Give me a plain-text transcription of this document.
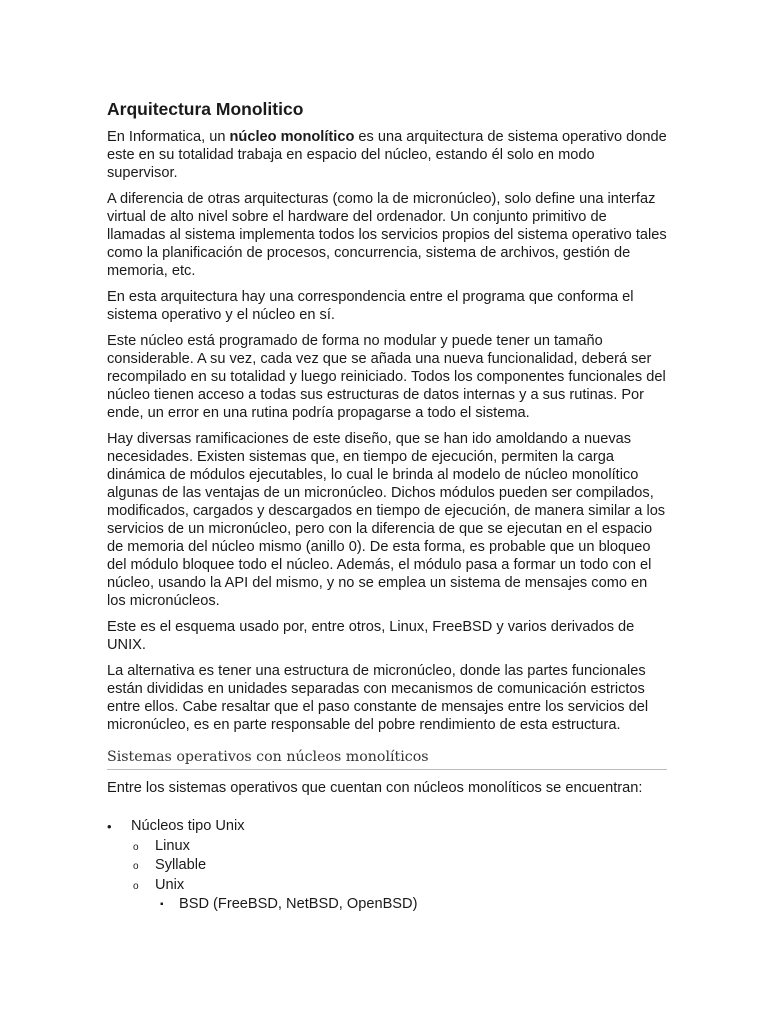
Arquitectura Monolitico

En Informatica, un núcleo monolítico es una arquitectura de sistema operativo donde este en su totalidad trabaja en espacio del núcleo, estando él solo en modo supervisor.

A diferencia de otras arquitecturas (como la de micronúcleo), solo define una interfaz virtual de alto nivel sobre el hardware del ordenador. Un conjunto primitivo de llamadas al sistema implementa todos los servicios propios del sistema operativo tales como la planificación de procesos, concurrencia, sistema de archivos, gestión de memoria, etc.

En esta arquitectura hay una correspondencia entre el programa que conforma el sistema operativo y el núcleo en sí.

Este núcleo está programado de forma no modular y puede tener un tamaño considerable. A su vez, cada vez que se añada una nueva funcionalidad, deberá ser recompilado en su totalidad y luego reiniciado. Todos los componentes funcionales del núcleo tienen acceso a todas sus estructuras de datos internas y a sus rutinas. Por ende, un error en una rutina podría propagarse a todo el sistema.

Hay diversas ramificaciones de este diseño, que se han ido amoldando a nuevas necesidades. Existen sistemas que, en tiempo de ejecución, permiten la carga dinámica de módulos ejecutables, lo cual le brinda al modelo de núcleo monolítico algunas de las ventajas de un micronúcleo. Dichos módulos pueden ser compilados, modificados, cargados y descargados en tiempo de ejecución, de manera similar a los servicios de un micronúcleo, pero con la diferencia de que se ejecutan en el espacio de memoria del núcleo mismo (anillo 0). De esta forma, es probable que un bloqueo del módulo bloquee todo el núcleo. Además, el módulo pasa a formar un todo con el núcleo, usando la API del mismo, y no se emplea un sistema de mensajes como en los micronúcleos.

Este es el esquema usado por, entre otros, Linux, FreeBSD y varios derivados de UNIX.

La alternativa es tener una estructura de micronúcleo, donde las partes funcionales están divididas en unidades separadas con mecanismos de comunicación estrictos entre ellos. Cabe resaltar que el paso constante de mensajes entre los servicios del micronúcleo, es en parte responsable del pobre rendimiento de esta estructura.

Sistemas operativos con núcleos monolíticos

Entre los sistemas operativos que cuentan con núcleos monolíticos se encuentran:

• Núcleos tipo Unix
o Linux
o Syllable
o Unix
▪ BSD (FreeBSD, NetBSD, OpenBSD)
